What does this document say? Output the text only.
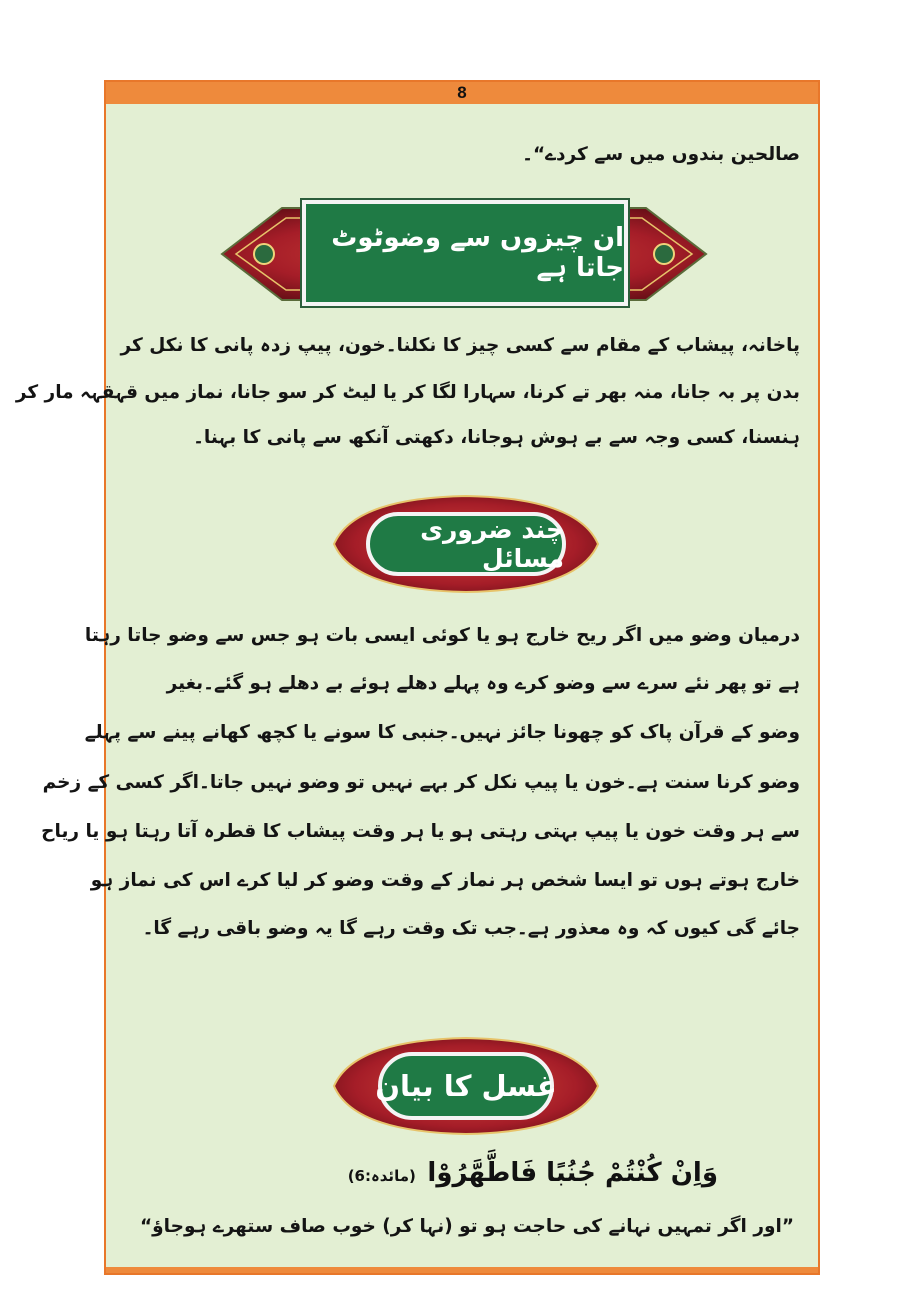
8
صالحین بندوں میں سے کردے“۔
ان چیزوں سے وضوٹوٹ جاتا ہے
پاخانہ، پیشاب کے مقام سے کسی چیز کا نکلنا۔خون، پیپ زدہ پانی کا نکل کر
بدن پر بہ جانا، منہ بھر تے کرنا، سہارا لگا کر یا لیٹ کر سو جانا، نماز میں قہقہہ مار کر
ہنسنا، کسی وجہ سے بے ہوش ہوجانا، دکھتی آنکھ سے پانی کا بہنا۔
چند ضروری مسائل
درمیان وضو میں اگر ریح خارج ہو یا کوئی ایسی بات ہو جس سے وضو جاتا رہتا
ہے تو پھر نئے سرے سے وضو کرے وہ پہلے دھلے ہوئے بے دھلے ہو گئے۔بغیر
وضو کے قرآن پاک کو چھونا جائز نہیں۔جنبی کا سونے یا کچھ کھانے پینے سے پہلے
وضو کرنا سنت ہے۔خون یا پیپ نکل کر بہے نہیں تو وضو نہیں جاتا۔اگر کسی کے زخم
سے ہر وقت خون یا پیپ بہتی رہتی ہو یا ہر وقت پیشاب کا قطرہ آتا رہتا ہو یا ریاح
خارج ہوتے ہوں تو ایسا شخص ہر نماز کے وقت وضو کر لیا کرے اس کی نماز ہو
جائے گی کیوں کہ وہ معذور ہے۔جب تک وقت رہے گا یہ وضو باقی رہے گا۔
غسل کا بیان
وَاِنْ كُنْتُمْ جُنُبًا فَاطَّهَّرُوْا (مائدہ:6)
”اور اگر تمہیں نہانے کی حاجت ہو تو (نہا کر) خوب صاف ستھرے ہوجاؤ“
